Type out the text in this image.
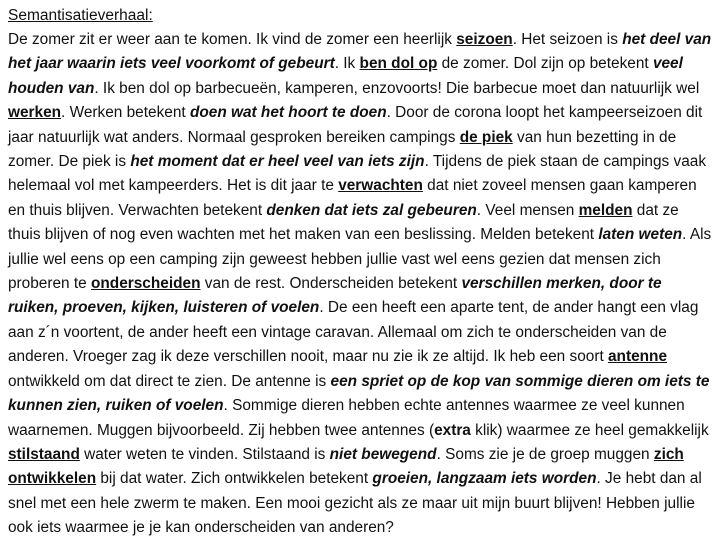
Semantisatieverhaal:

De zomer zit er weer aan te komen. Ik vind de zomer een heerlijk seizoen. Het seizoen is het deel van het jaar waarin iets veel voorkomt of gebeurt. Ik ben dol op de zomer. Dol zijn op betekent veel houden van. Ik ben dol op barbecueën, kamperen, enzovoorts! Die barbecue moet dan natuurlijk wel werken. Werken betekent doen wat het hoort te doen. Door de corona loopt het kampeerseizoen dit jaar natuurlijk wat anders. Normaal gesproken bereiken campings de piek van hun bezetting in de zomer. De piek is het moment dat er heel veel van iets zijn. Tijdens de piek staan de campings vaak helemaal vol met kampeerders. Het is dit jaar te verwachten dat niet zoveel mensen gaan kamperen en thuis blijven. Verwachten betekent denken dat iets zal gebeuren. Veel mensen melden dat ze thuis blijven of nog even wachten met het maken van een beslissing. Melden betekent laten weten. Als jullie wel eens op een camping zijn geweest hebben jullie vast wel eens gezien dat mensen zich proberen te onderscheiden van de rest. Onderscheiden betekent verschillen merken, door te ruiken, proeven, kijken, luisteren of voelen. De een heeft een aparte tent, de ander hangt een vlag aan z´n voortent, de ander heeft een vintage caravan. Allemaal om zich te onderscheiden van de anderen. Vroeger zag ik deze verschillen nooit, maar nu zie ik ze altijd. Ik heb een soort antenne ontwikkeld om dat direct te zien. De antenne is een spriet op de kop van sommige dieren om iets te kunnen zien, ruiken of voelen. Sommige dieren hebben echte antennes waarmee ze veel kunnen waarnemen. Muggen bijvoorbeeld. Zij hebben twee antennes (extra klik) waarmee ze heel gemakkelijk stilstaand water weten te vinden. Stilstaand is niet bewegend. Soms zie je de groep muggen zich ontwikkelen bij dat water. Zich ontwikkelen betekent groeien, langzaam iets worden. Je hebt dan al snel met een hele zwerm te maken. Een mooi gezicht als ze maar uit mijn buurt blijven! Hebben jullie ook iets waarmee je je kan onderscheiden van anderen?
